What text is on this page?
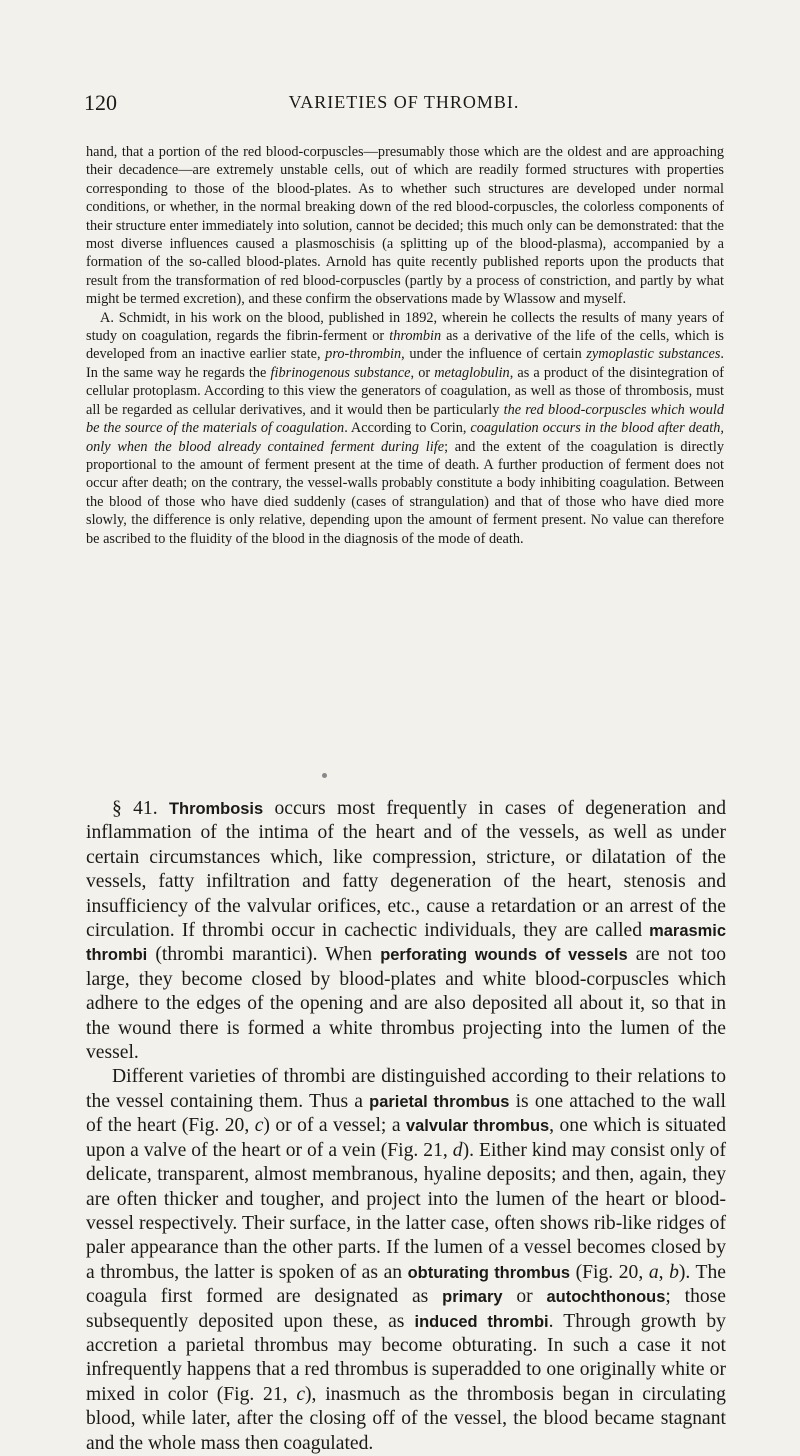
120	VARIETIES OF THROMBI.

hand, that a portion of the red blood-corpuscles—presumably those which are the oldest and are approaching their decadence—are extremely unstable cells, out of which are readily formed structures with properties corresponding to those of the blood-plates. As to whether such structures are developed under normal conditions, or whether, in the normal breaking down of the red blood-corpuscles, the colorless components of their structure enter immediately into solution, cannot be decided; this much only can be demonstrated: that the most diverse influences caused a plasmoschisis (a splitting up of the blood-plasma), accompanied by a formation of the so-called blood-plates. Arnold has quite recently published reports upon the products that result from the transformation of red blood-corpuscles (partly by a process of constriction, and partly by what might be termed excretion), and these confirm the observations made by Wlassow and myself.

A. Schmidt, in his work on the blood, published in 1892, wherein he collects the results of many years of study on coagulation, regards the fibrin-ferment or thrombin as a derivative of the life of the cells, which is developed from an inactive earlier state, pro-thrombin, under the influence of certain zymoplastic substances. In the same way he regards the fibrinogenous substance, or metaglobulin, as a product of the disintegration of cellular protoplasm. According to this view the generators of coagulation, as well as those of thrombosis, must all be regarded as cellular derivatives, and it would then be particularly the red blood-corpuscles which would be the source of the materials of coagulation. According to Corin, coagulation occurs in the blood after death, only when the blood already contained ferment during life; and the extent of the coagulation is directly proportional to the amount of ferment present at the time of death. A further production of ferment does not occur after death; on the contrary, the vessel-walls probably constitute a body inhibiting coagulation. Between the blood of those who have died suddenly (cases of strangulation) and that of those who have died more slowly, the difference is only relative, depending upon the amount of ferment present. No value can therefore be ascribed to the fluidity of the blood in the diagnosis of the mode of death.

§ 41. Thrombosis occurs most frequently in cases of degeneration and inflammation of the intima of the heart and of the vessels, as well as under certain circumstances which, like compression, stricture, or dilatation of the vessels, fatty infiltration and fatty degeneration of the heart, stenosis and insufficiency of the valvular orifices, etc., cause a retardation or an arrest of the circulation. If thrombi occur in cachectic individuals, they are called marasmic thrombi (thrombi marantici). When perforating wounds of vessels are not too large, they become closed by blood-plates and white blood-corpuscles which adhere to the edges of the opening and are also deposited all about it, so that in the wound there is formed a white thrombus projecting into the lumen of the vessel.

Different varieties of thrombi are distinguished according to their relations to the vessel containing them. Thus a parietal thrombus is one attached to the wall of the heart (Fig. 20, c) or of a vessel; a valvular thrombus, one which is situated upon a valve of the heart or of a vein (Fig. 21, d). Either kind may consist only of delicate, transparent, almost membranous, hyaline deposits; and then, again, they are often thicker and tougher, and project into the lumen of the heart or blood-vessel respectively. Their surface, in the latter case, often shows rib-like ridges of paler appearance than the other parts. If the lumen of a vessel becomes closed by a thrombus, the latter is spoken of as an obturating thrombus (Fig. 20, a, b). The coagula first formed are designated as primary or autochthonous; those subsequently deposited upon these, as induced thrombi. Through growth by accretion a parietal thrombus may become obturating. In such a case it not infrequently happens that a red thrombus is superadded to one originally white or mixed in color (Fig. 21, c), inasmuch as the thrombosis began in circulating blood, while later, after the closing off of the vessel, the blood became stagnant and the whole mass then coagulated.
